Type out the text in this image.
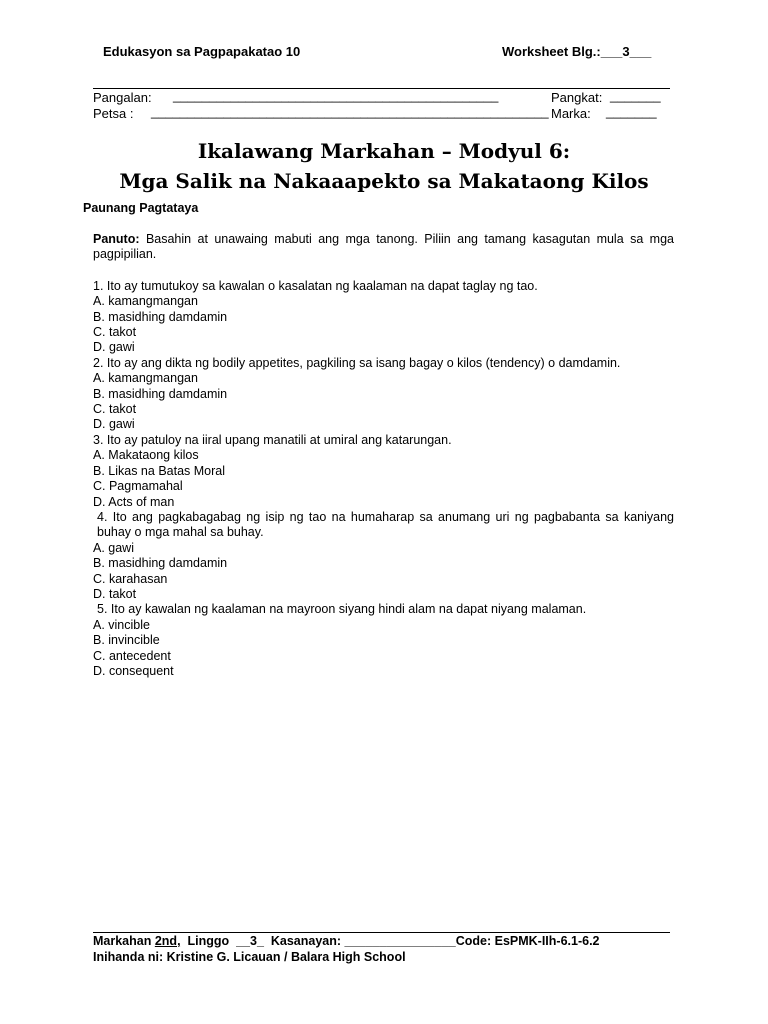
Edukasyon sa Pagpapakatao 10	Worksheet Blg.:___3___
Pangalan: _____________________________________________	Pangkat: _______
Petsa : _______________________________________________________ Marka: _______
Ikalawang Markahan – Modyul 6:
Mga Salik na Nakaaapekto sa Makataong Kilos
Paunang Pagtataya
Panuto: Basahin at unawaing mabuti ang mga tanong. Piliin ang tamang kasagutan mula sa mga pagpipilian.
1. Ito ay tumutukoy sa kawalan o kasalatan ng kaalaman na dapat taglay ng tao.
A. kamangmangan
B. masidhing damdamin
C. takot
D. gawi
2. Ito ay ang dikta ng bodily appetites, pagkiling sa isang bagay o kilos (tendency) o damdamin.
A. kamangmangan
B. masidhing damdamin
C. takot
D. gawi
3. Ito ay patuloy na iiral upang manatili at umiral ang katarungan.
A. Makataong kilos
B. Likas na Batas Moral
C. Pagmamahal
D. Acts of man
4. Ito ang pagkabagabag ng isip ng tao na humaharap sa anumang uri ng pagbabanta sa kaniyang buhay o mga mahal sa buhay.
A. gawi
B. masidhing damdamin
C. karahasan
D. takot
5. Ito ay kawalan ng kaalaman na mayroon siyang hindi alam na dapat niyang malaman.
A. vincible
B. invincible
C. antecedent
D. consequent
Markahan 2nd,  Linggo  __3_  Kasanayan: ________________Code: EsPMK-IIh-6.1-6.2
Inihanda ni: Kristine G. Licauan / Balara High School
